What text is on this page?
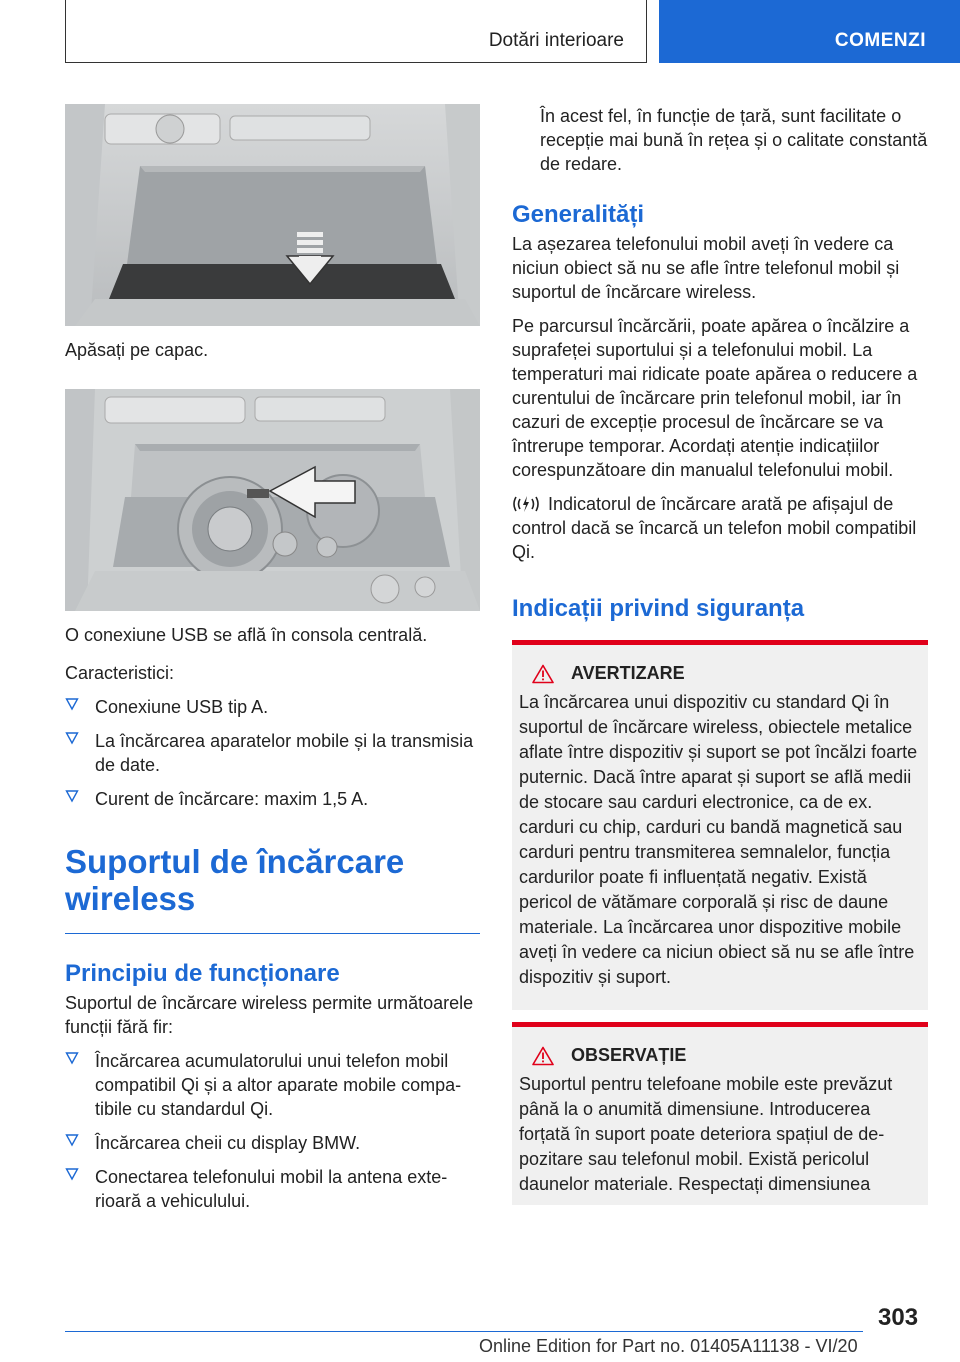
Dotări interioare	COMENZI

Apăsați pe capac.

O conexiune USB se află în consola centrală.

Caracteristici:

Conexiune USB tip A.
La încărcarea aparatelor mobile și la transmisia de date.
Curent de încărcare: maxim 1,5 A.
Suportul de încărcare wireless
Principiu de funcționare

Suportul de încărcare wireless permite următoarele funcții fără fir:

Încărcarea acumulatorului unui telefon mobil compatibil Qi și a altor aparate mobile compatibile cu standardul Qi.
Încărcarea cheii cu display BMW.
Conectarea telefonului mobil la antena exterioară a vehiculului.

În acest fel, în funcție de țară, sunt facilitate o recepție mai bună în rețea și o calitate constantă de redare.

Generalități

La așezarea telefonului mobil aveți în vedere ca niciun obiect să nu se afle între telefonul mobil și suportul de încărcare wireless.

Pe parcursul încărcării, poate apărea o încălzire a suprafeței suportului și a telefonului mobil. La temperaturi mai ridicate poate apărea o reducere a curentului de încărcare prin telefonul mobil, iar în cazuri de excepție procesul de încărcare se va întrerupe temporar. Acordați atenție indicațiilor corespunzătoare din manualul telefonului mobil.

Indicatorul de încărcare arată pe afișajul de control dacă se încarcă un telefon mobil compatibil Qi.

Indicații privind siguranța
AVERTIZARE

La încărcarea unui dispozitiv cu standard Qi în suportul de încărcare wireless, obiectele metalice aflate între dispozitiv și suport se pot încălzi foarte puternic. Dacă între aparat și suport se află medii de stocare sau carduri electronice, ca de ex. carduri cu chip, carduri cu bandă magnetică sau carduri pentru transmiterea semnalelor, funcția cardurilor poate fi influențată negativ. Există pericol de vătămare corporală și risc de daune materiale. La încărcarea unor dispozitive mobile aveți în vedere ca niciun obiect să nu se afle între dispozitiv și suport.

OBSERVAȚIE

Suportul pentru telefoane mobile este prevăzut până la o anumită dimensiune. Introducerea forțată în suport poate deteriora spațiul de depozitare sau telefonul mobil. Există pericolul daunelor materiale. Respectați dimensiunea

303
Online Edition for Part no. 01405A11138 - VI/20
